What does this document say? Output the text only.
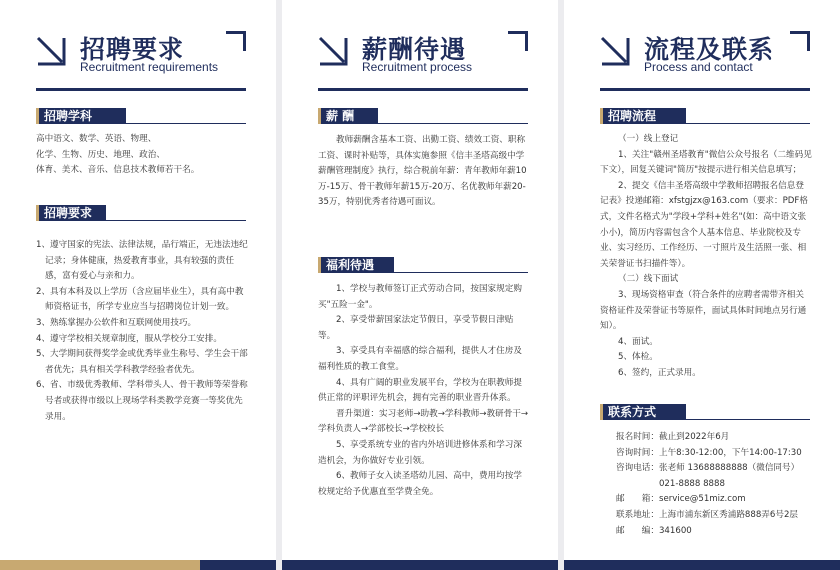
招聘要求
Recruitment requirements
招聘学科

高中语文、数学、英语、物理、

化学、生物、历史、地理、政治、

体育、美术、音乐、信息技术教师若干名。

招聘要求

1、遵守国家的宪法、法律法规，品行端正，无违法违纪记录；身体健康，热爱教育事业，具有较强的责任感，富有爱心与亲和力。

2、具有本科及以上学历（含应届毕业生），具有高中教师资格证书，所学专业应当与招聘岗位计划一致。

3、熟练掌握办公软件和互联网使用技巧。

4、遵守学校相关规章制度，服从学校分工安排。

5、大学期间获得奖学金或优秀毕业生称号、学生会干部者优先；具有相关学科教学经验者优先。

6、省、市级优秀教师、学科带头人、骨干教师等荣誉称号者或获得市级以上现场学科类教学竞赛一等奖优先录用。

薪酬待遇
Recruitment process
薪 酬
教师薪酬含基本工资、出勤工资、绩效工资、职称工资、课时补贴等，具体实施参照《信丰圣塔高级中学薪酬管理制度》执行，综合税前年薪：青年教师年薪10万-15万、骨干教师年薪15万-20万、名优教师年薪20-35万，特别优秀者待遇可面议。
福利待遇

1、学校与教师签订正式劳动合同，按国家规定购买"五险一金"。

2、享受带薪国家法定节假日，享受节假日津贴等。

3、享受具有幸福感的综合福利，提供人才住房及福利性质的教工食堂。

4、具有广阔的职业发展平台，学校为在职教师提供正常的评职评先机会，拥有完善的职业晋升体系。

晋升渠道：实习老师→助教→学科教师→教研骨干→学科负责人→学部校长→学校校长

5、享受系统专业的省内外培训进修体系和学习深造机会，为你做好专业引领。

6、教师子女入读圣塔幼儿园、高中，费用均按学校规定给予优惠直至学费全免。

流程及联系
Process and contact
招聘流程

（一）线上登记

1、关注"赣州圣塔教育"微信公众号报名（二维码见下文），回复关键词"简历"按提示进行相关信息填写；

2、提交《信丰圣塔高级中学教师招聘报名信息登记表》投递邮箱：xfstgjzx@163.com（要求：PDF格式，文件名格式为"学段+学科+姓名"(如：高中语文张小小)，简历内容需包含个人基本信息、毕业院校及专业、实习经历、工作经历、一寸照片及生活照一张、相关荣誉证书扫描件等）。

（二）线下面试

3、现场资格审查（符合条件的应聘者需带齐相关资格证件及荣誉证书等原件，面试具体时间地点另行通知）。

4、面试。

5、体检。

6、签约，正式录用。

联系方式

报名时间：截止到2022年6月

咨询时间：上午8:30-12:00，下午14:00-17:30

咨询电话：张老师 13688888888（微信同号）

　　　　　021-8888 8888

邮　　箱：service@51miz.com

联系地址：上海市浦东新区秀浦路888弄6号2层

邮　　编：341600
